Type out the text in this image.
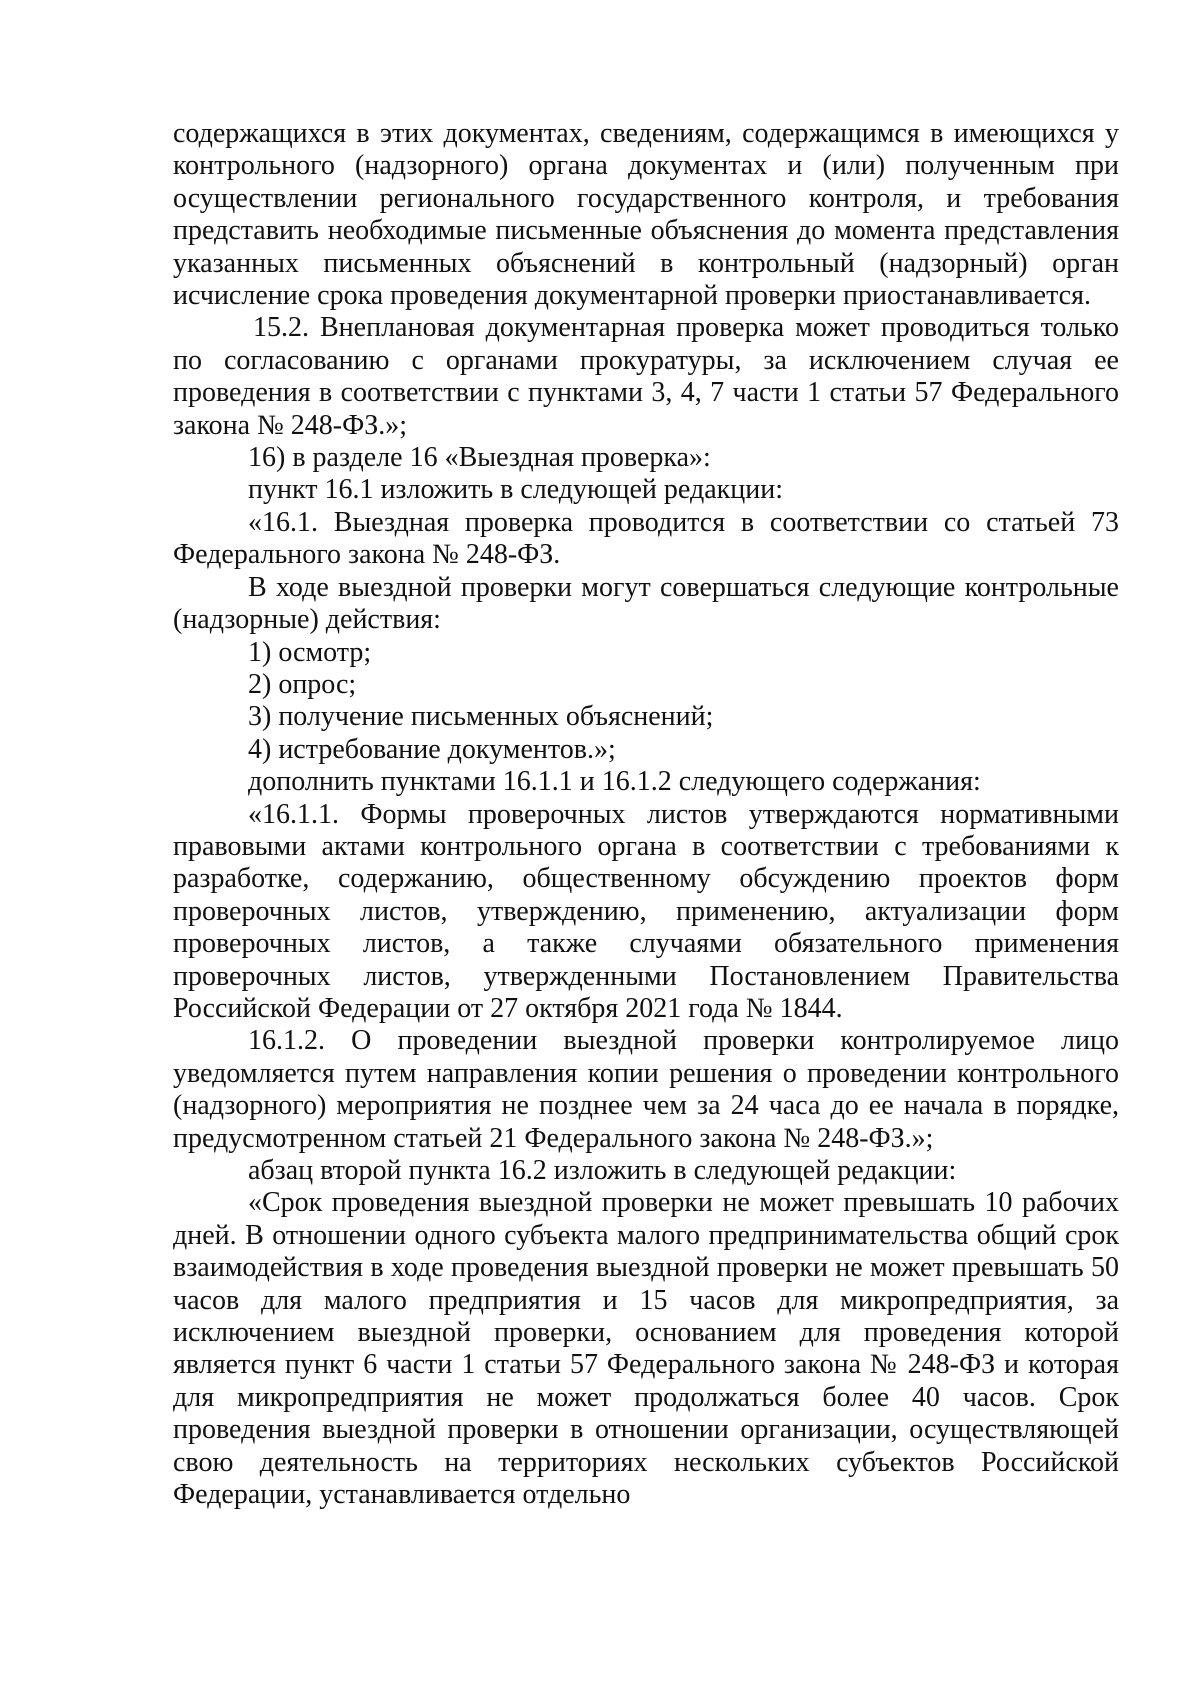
содержащихся в этих документах, сведениям, содержащимся в имеющихся у контрольного (надзорного) органа документах и (или) полученным при осуществлении регионального государственного контроля, и требования представить необходимые письменные объяснения до момента представления указанных письменных объяснений в контрольный (надзорный) орган исчисление срока проведения документарной проверки приостанавливается.

15.2. Внеплановая документарная проверка может проводиться только по согласованию с органами прокуратуры, за исключением случая ее проведения в соответствии с пунктами 3, 4, 7 части 1 статьи 57 Федерального закона № 248-ФЗ.»;

16) в разделе 16 «Выездная проверка»:

пункт 16.1 изложить в следующей редакции:

«16.1. Выездная проверка проводится в соответствии со статьей 73 Федерального закона № 248-ФЗ.

В ходе выездной проверки могут совершаться следующие контрольные (надзорные) действия:

1) осмотр;

2) опрос;

3) получение письменных объяснений;

4) истребование документов.»;

дополнить пунктами 16.1.1 и 16.1.2 следующего содержания:

«16.1.1. Формы проверочных листов утверждаются нормативными правовыми актами контрольного органа в соответствии с требованиями к разработке, содержанию, общественному обсуждению проектов форм проверочных листов, утверждению, применению, актуализации форм проверочных листов, а также случаями обязательного применения проверочных листов, утвержденными Постановлением Правительства Российской Федерации от 27 октября 2021 года № 1844.

16.1.2. О проведении выездной проверки контролируемое лицо уведомляется путем направления копии решения о проведении контрольного (надзорного) мероприятия не позднее чем за 24 часа до ее начала в порядке, предусмотренном статьей 21 Федерального закона № 248-ФЗ.»;

абзац второй пункта 16.2 изложить в следующей редакции:

«Срок проведения выездной проверки не может превышать 10 рабочих дней. В отношении одного субъекта малого предпринимательства общий срок взаимодействия в ходе проведения выездной проверки не может превышать 50 часов для малого предприятия и 15 часов для микропредприятия, за исключением выездной проверки, основанием для проведения которой является пункт 6 части 1 статьи 57 Федерального закона № 248-ФЗ и которая для микропредприятия не может продолжаться более 40 часов. Срок проведения выездной проверки в отношении организации, осуществляющей свою деятельность на территориях нескольких субъектов Российской Федерации, устанавливается отдельно
